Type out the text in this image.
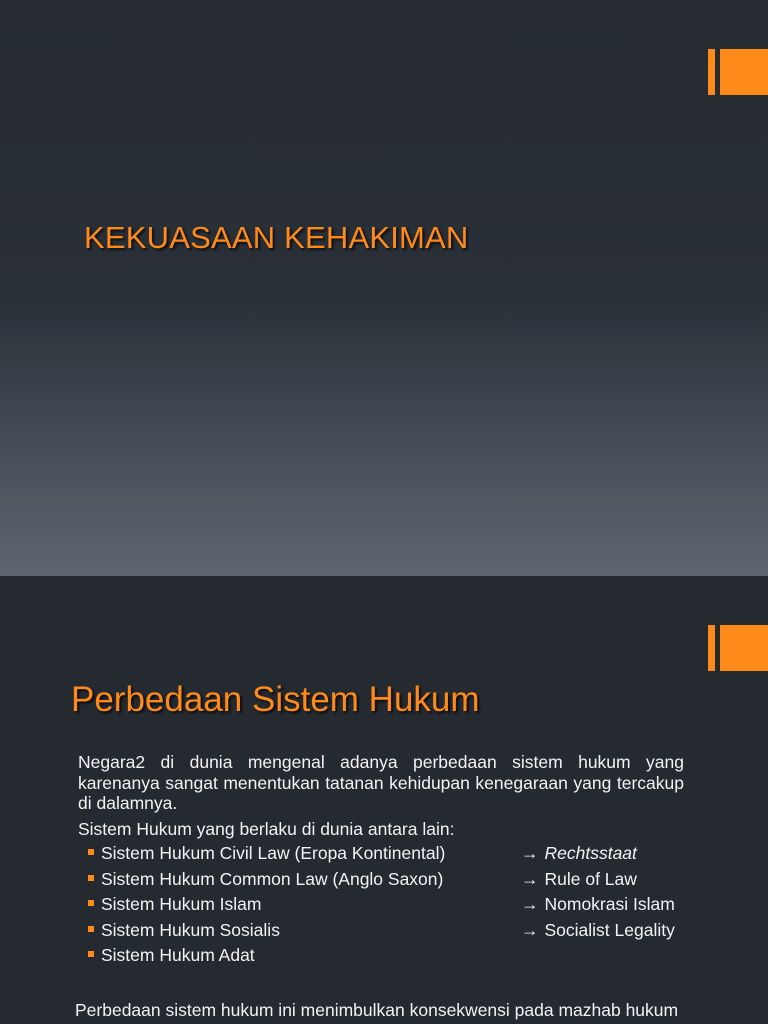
KEKUASAAN KEHAKIMAN
Perbedaan Sistem Hukum

Negara2 di dunia mengenal adanya perbedaan sistem hukum yang karenanya sangat menentukan tatanan kehidupan kenegaraan yang tercakup di dalamnya.

Sistem Hukum yang berlaku di dunia antara lain:

Sistem Hukum Civil Law (Eropa Kontinental)	→ Rechtsstaat
Sistem Hukum Common Law (Anglo Saxon)	→ Rule of Law
Sistem Hukum Islam	→ Nomokrasi Islam
Sistem Hukum Sosialis	→ Socialist Legality
Sistem Hukum Adat
Perbedaan sistem hukum ini menimbulkan konsekwensi pada mazhab hukum
